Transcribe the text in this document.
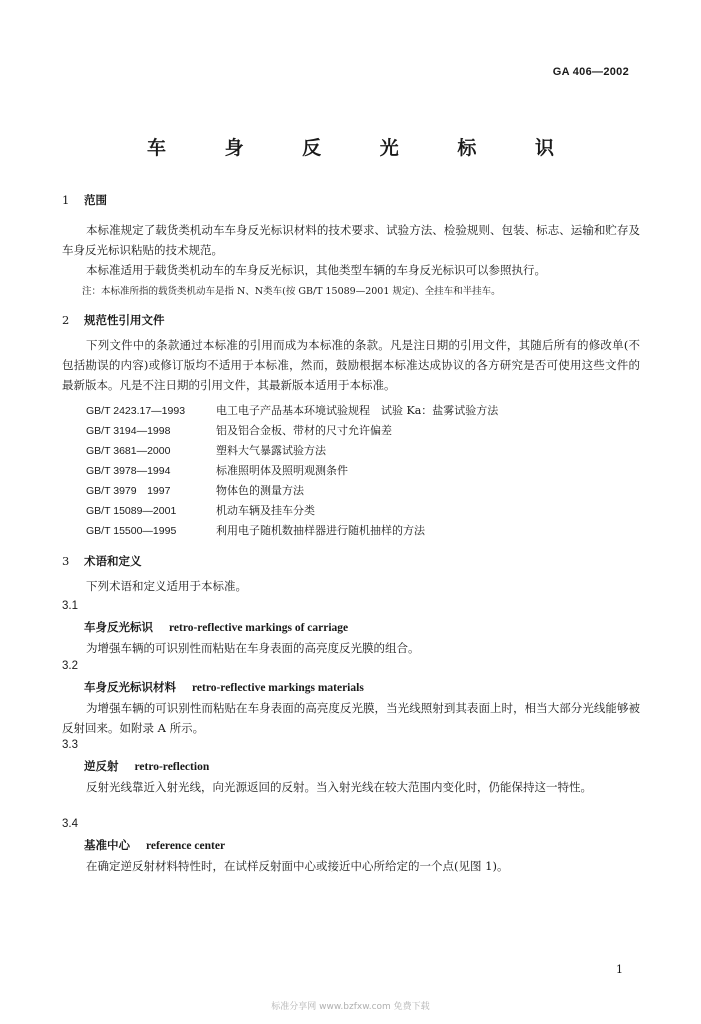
GA 406—2002
车 身 反 光 标 识
1 范围
本标准规定了载货类机动车车身反光标识材料的技术要求、试验方法、检验规则、包装、标志、运输和贮存及车身反光标识粘贴的技术规范。
本标准适用于载货类机动车的车身反光标识，其他类型车辆的车身反光标识可以参照执行。
注：本标准所指的载货类机动车是指 N、N类车(按 GB/T 15089—2001 规定)、全挂车和半挂车。
2 规范性引用文件
下列文件中的条款通过本标准的引用而成为本标准的条款。凡是注日期的引用文件，其随后所有的修改单(不包括勘误的内容)或修订版均不适用于本标准，然而，鼓励根据本标准达成协议的各方研究是否可使用这些文件的最新版本。凡是不注日期的引用文件，其最新版本适用于本标准。
GB/T 2423.17—1993	电工电子产品基本环境试验规程　试验 Ka：盐雾试验方法
GB/T 3194—1998	铝及铝合金板、带材的尺寸允许偏差
GB/T 3681—2000	塑料大气暴露试验方法
GB/T 3978—1994	标准照明体及照明观测条件
GB/T 3979　1997	物体色的测量方法
GB/T 15089—2001	机动车辆及挂车分类
GB/T 15500—1995	利用电子随机数抽样器进行随机抽样的方法
3 术语和定义
下列术语和定义适用于本标准。
3.1
车身反光标识 retro-reflective markings of carriage
为增强车辆的可识别性而粘贴在车身表面的高亮度反光膜的组合。
3.2
车身反光标识材料 retro-reflective markings materials
为增强车辆的可识别性而粘贴在车身表面的高亮度反光膜，当光线照射到其表面上时，相当大部分光线能够被反射回来。如附录 A 所示。
3.3
逆反射 retro-reflection
反射光线靠近入射光线，向光源返回的反射。当入射光线在较大范围内变化时，仍能保持这一特性。
3.4
基准中心 reference center
在确定逆反射材料特性时，在试样反射面中心或接近中心所给定的一个点(见图 1)。
1
标准分享网 www.bzfxw.com 免费下载
